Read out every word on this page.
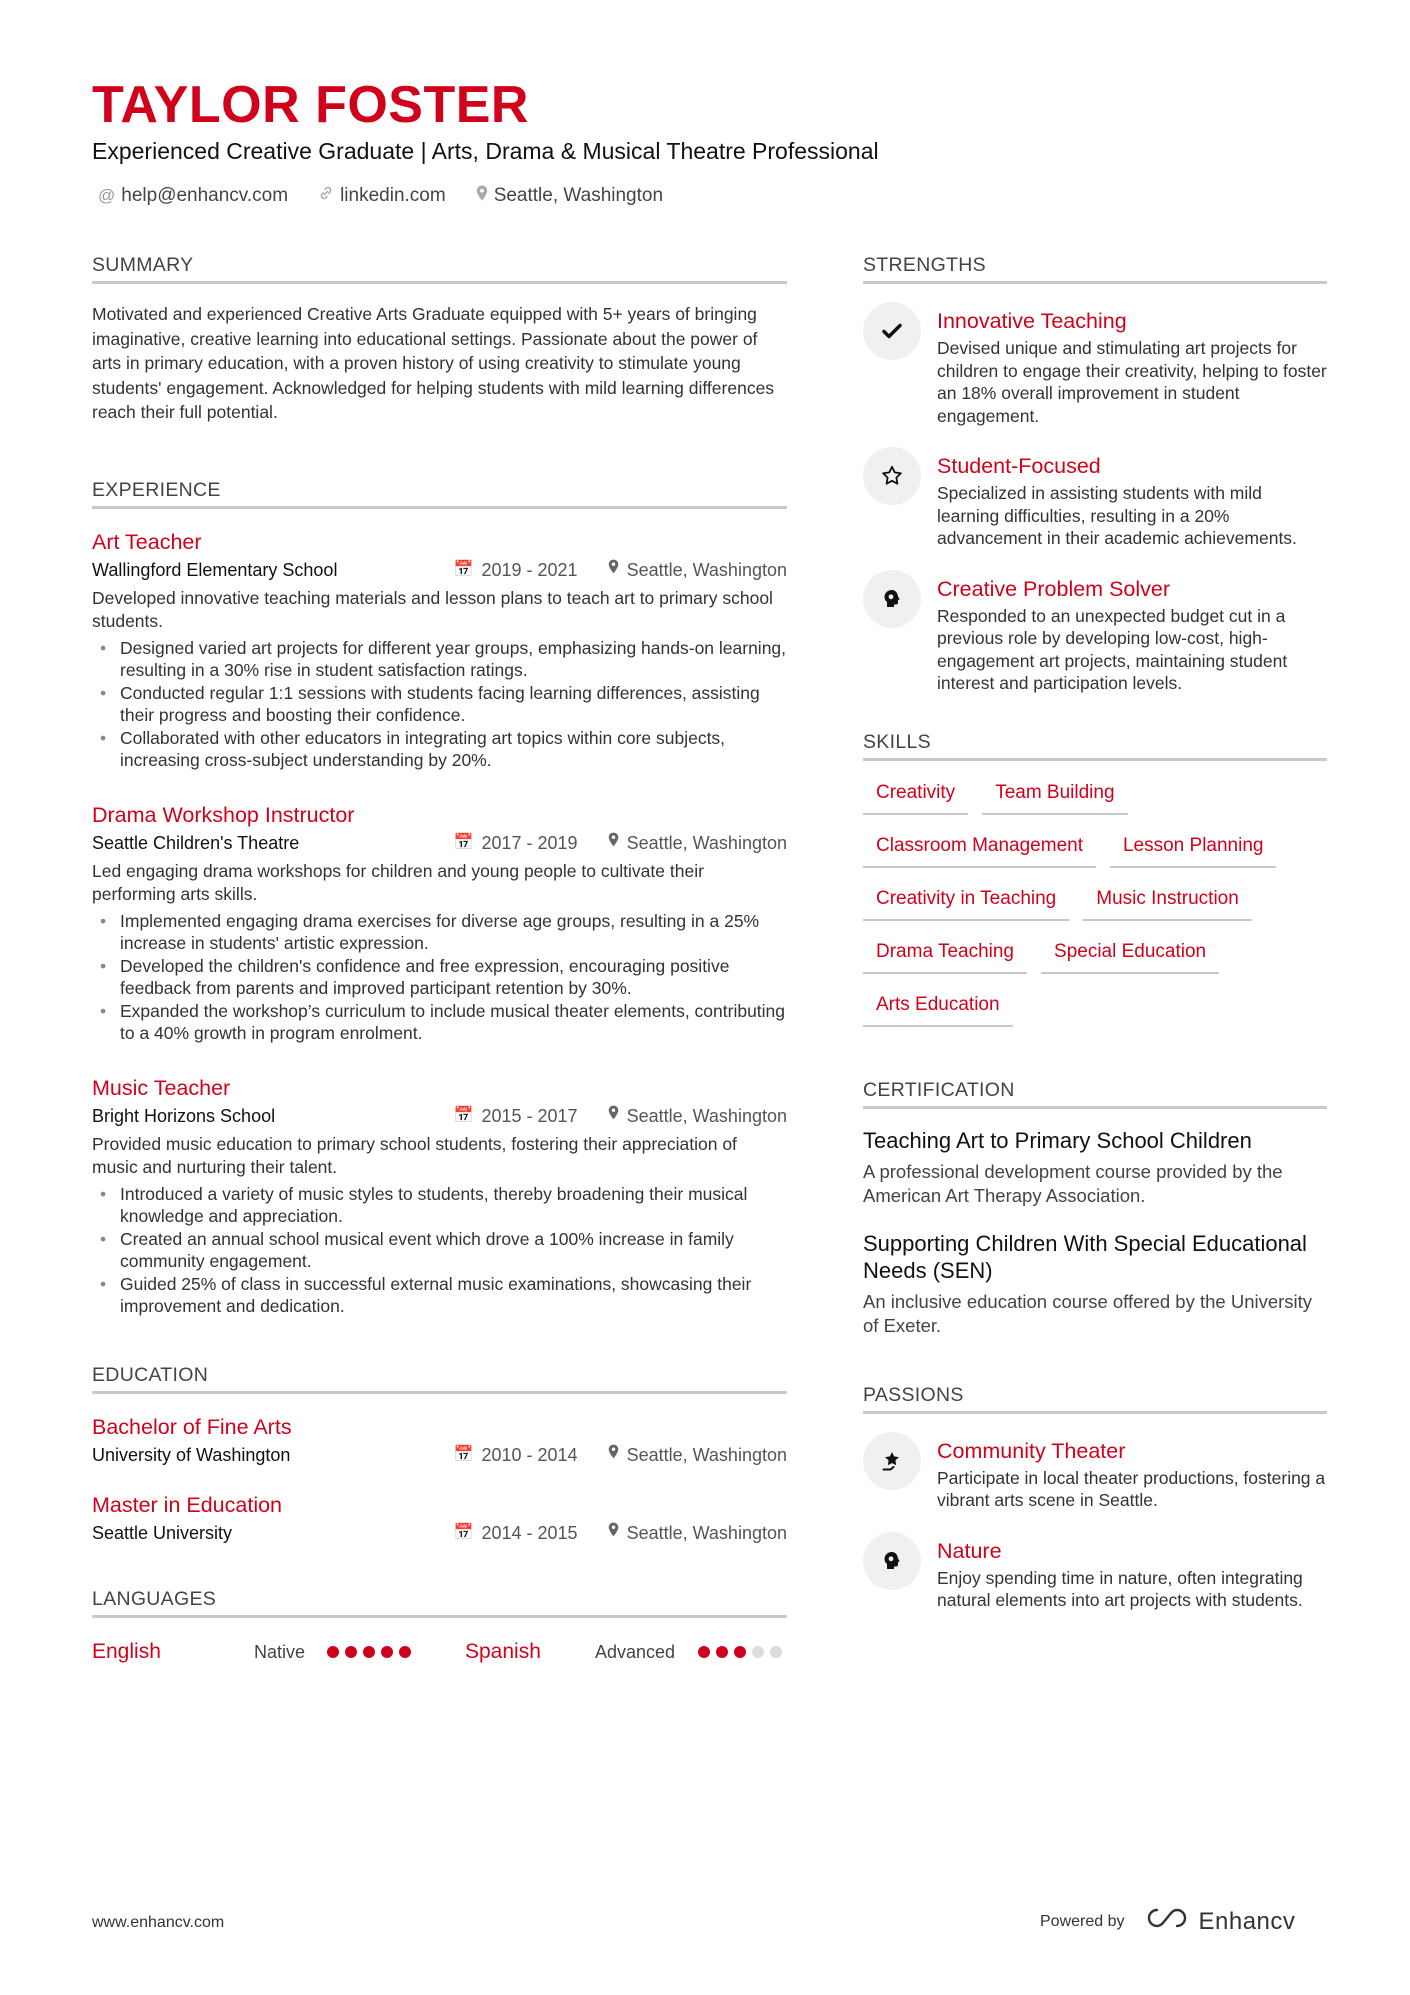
TAYLOR FOSTER
Experienced Creative Graduate | Arts, Drama & Musical Theatre Professional
@ help@enhancv.com	linkedin.com	Seattle, Washington
SUMMARY

Motivated and experienced Creative Arts Graduate equipped with 5+ years of bringing imaginative, creative learning into educational settings. Passionate about the power of arts in primary education, with a proven history of using creativity to stimulate young students' engagement. Acknowledged for helping students with mild learning differences reach their full potential.

EXPERIENCE
Art Teacher
Wallingford Elementary School	📅 2019 - 2021	Seattle, Washington
Developed innovative teaching materials and lesson plans to teach art to primary school students.
• Designed varied art projects for different year groups, emphasizing hands-on learning, resulting in a 30% rise in student satisfaction ratings.
• Conducted regular 1:1 sessions with students facing learning differences, assisting their progress and boosting their confidence.
• Collaborated with other educators in integrating art topics within core subjects, increasing cross-subject understanding by 20%.
Drama Workshop Instructor
Seattle Children's Theatre	📅 2017 - 2019	Seattle, Washington
Led engaging drama workshops for children and young people to cultivate their performing arts skills.
• Implemented engaging drama exercises for diverse age groups, resulting in a 25% increase in students' artistic expression.
• Developed the children's confidence and free expression, encouraging positive feedback from parents and improved participant retention by 30%.
• Expanded the workshop’s curriculum to include musical theater elements, contributing to a 40% growth in program enrolment.
Music Teacher
Bright Horizons School	📅 2015 - 2017	Seattle, Washington
Provided music education to primary school students, fostering their appreciation of music and nurturing their talent.
• Introduced a variety of music styles to students, thereby broadening their musical knowledge and appreciation.
• Created an annual school musical event which drove a 100% increase in family community engagement.
• Guided 25% of class in successful external music examinations, showcasing their improvement and dedication.
EDUCATION
Bachelor of Fine Arts
University of Washington	📅 2010 - 2014	Seattle, Washington
Master in Education
Seattle University	📅 2014 - 2015	Seattle, Washington
LANGUAGES
English	Native	Spanish	Advanced
STRENGTHS
Innovative Teaching
Devised unique and stimulating art projects for children to engage their creativity, helping to foster an 18% overall improvement in student engagement.
Student-Focused
Specialized in assisting students with mild learning difficulties, resulting in a 20% advancement in their academic achievements.
Creative Problem Solver
Responded to an unexpected budget cut in a previous role by developing low-cost, high-engagement art projects, maintaining student interest and participation levels.
SKILLS
Creativity	Team Building
Classroom Management	Lesson Planning
Creativity in Teaching	Music Instruction
Drama Teaching	Special Education
Arts Education
CERTIFICATION
Teaching Art to Primary School Children
A professional development course provided by the American Art Therapy Association.
Supporting Children With Special Educational Needs (SEN)
An inclusive education course offered by the University of Exeter.
PASSIONS
Community Theater
Participate in local theater productions, fostering a vibrant arts scene in Seattle.
Nature
Enjoy spending time in nature, often integrating natural elements into art projects with students.
www.enhancv.com	Powered by	Enhancv
